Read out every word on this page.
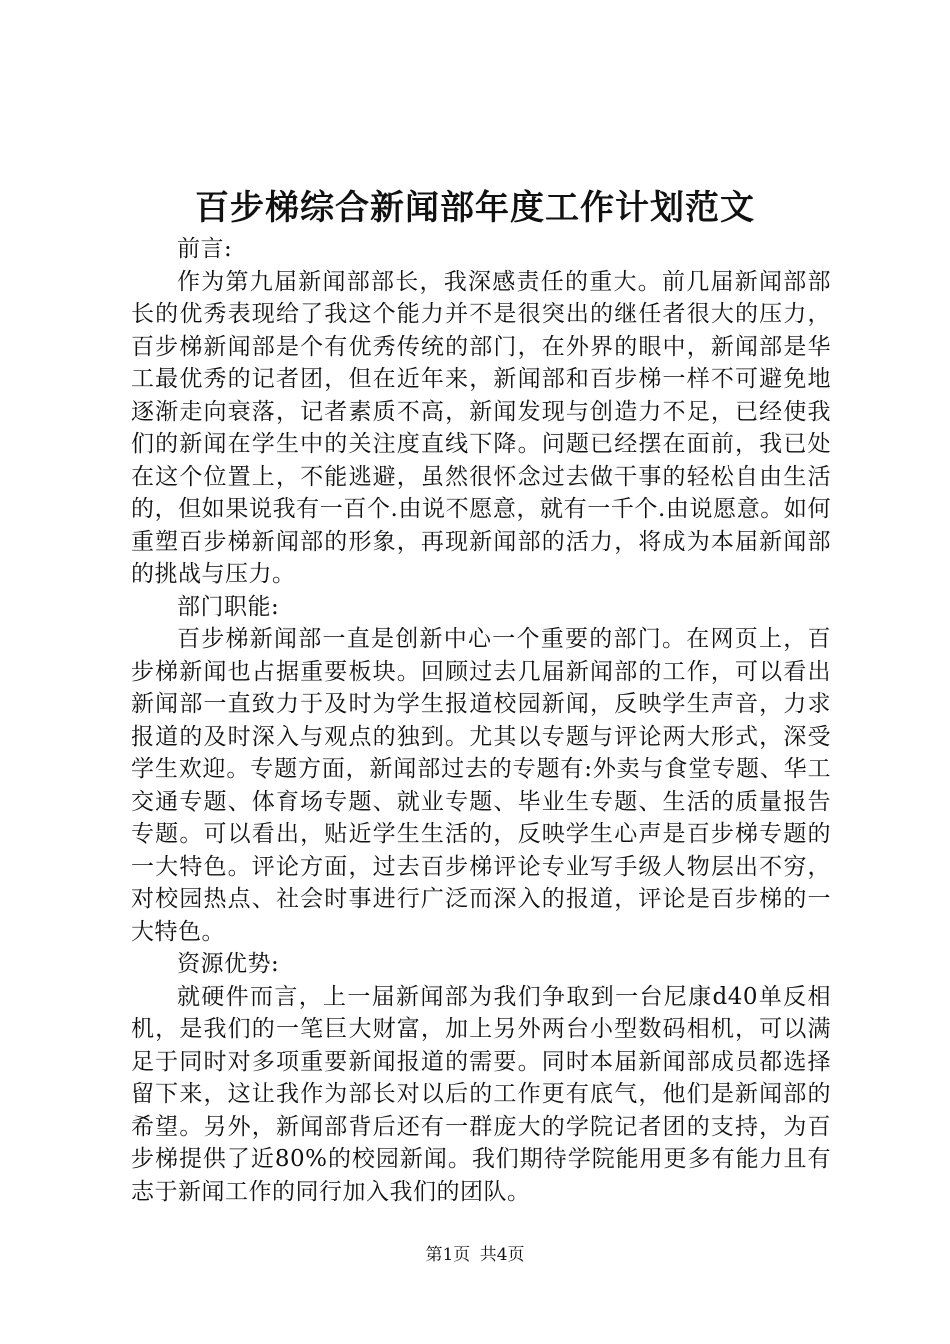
百步梯综合新闻部年度工作计划范文

前言:

作为第九届新闻部部长，我深感责任的重大。前几届新闻部部长的优秀表现给了我这个能力并不是很突出的继任者很大的压力，百步梯新闻部是个有优秀传统的部门，在外界的眼中，新闻部是华工最优秀的记者团，但在近年来，新闻部和百步梯一样不可避免地逐渐走向衰落，记者素质不高，新闻发现与创造力不足，已经使我们的新闻在学生中的关注度直线下降。问题已经摆在面前，我已处在这个位置上，不能逃避，虽然很怀念过去做干事的轻松自由生活的，但如果说我有一百个.由说不愿意，就有一千个.由说愿意。如何重塑百步梯新闻部的形象，再现新闻部的活力，将成为本届新闻部的挑战与压力。

部门职能:

百步梯新闻部一直是创新中心一个重要的部门。在网页上，百步梯新闻也占据重要板块。回顾过去几届新闻部的工作，可以看出新闻部一直致力于及时为学生报道校园新闻，反映学生声音，力求报道的及时深入与观点的独到。尤其以专题与评论两大形式，深受学生欢迎。专题方面，新闻部过去的专题有:外卖与食堂专题、华工交通专题、体育场专题、就业专题、毕业生专题、生活的质量报告专题。可以看出，贴近学生生活的，反映学生心声是百步梯专题的一大特色。评论方面，过去百步梯评论专业写手级人物层出不穷，对校园热点、社会时事进行广泛而深入的报道，评论是百步梯的一大特色。

资源优势:

就硬件而言，上一届新闻部为我们争取到一台尼康d40单反相机，是我们的一笔巨大财富，加上另外两台小型数码相机，可以满足于同时对多项重要新闻报道的需要。同时本届新闻部成员都选择留下来，这让我作为部长对以后的工作更有底气，他们是新闻部的希望。另外，新闻部背后还有一群庞大的学院记者团的支持，为百步梯提供了近80%的校园新闻。我们期待学院能用更多有能力且有志于新闻工作的同行加入我们的团队。

第1页 共4页
